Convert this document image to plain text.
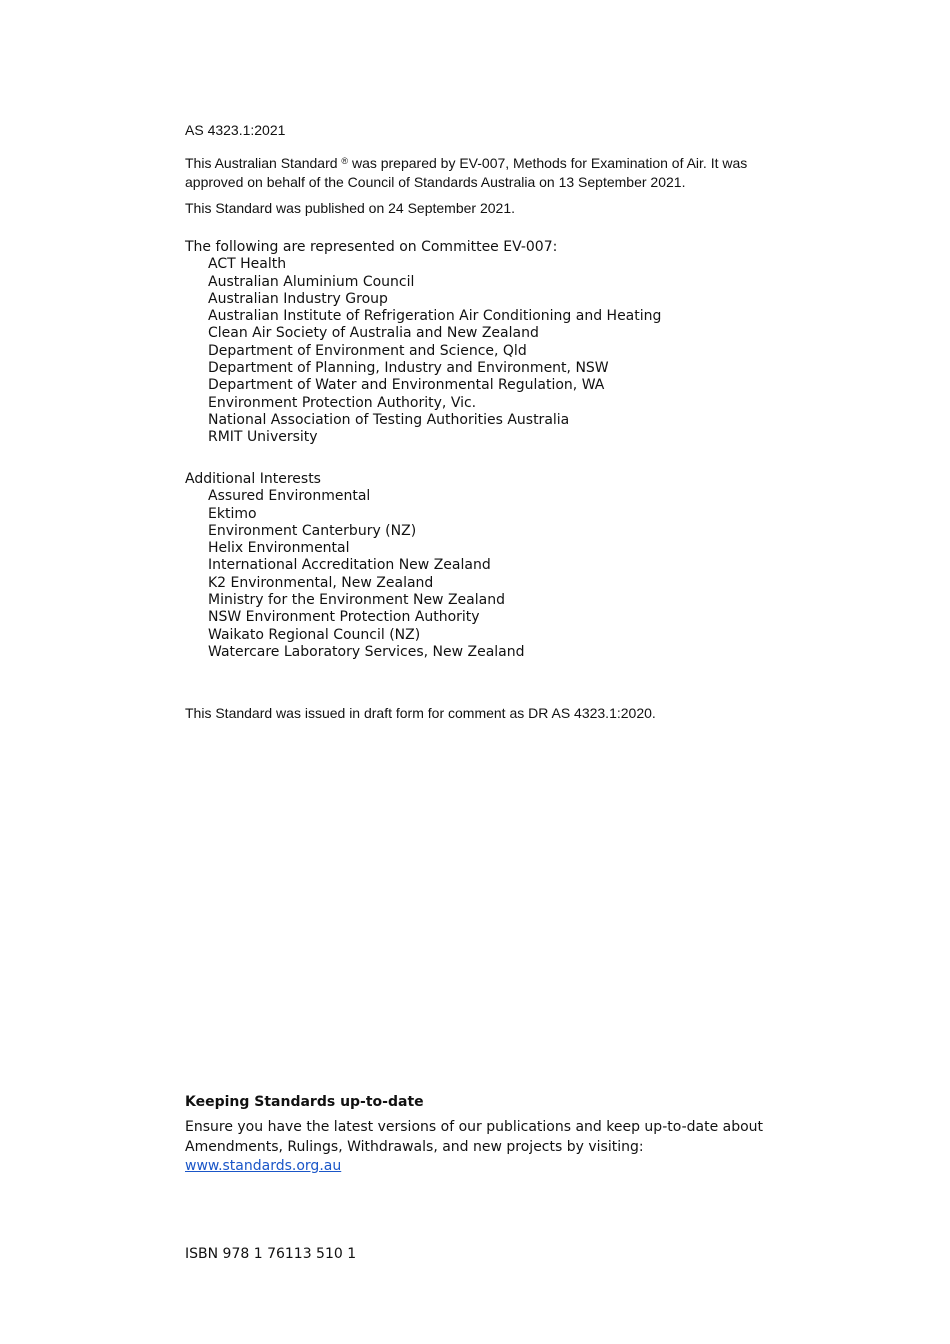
AS 4323.1:2021
This Australian Standard ® was prepared by EV-007, Methods for Examination of Air. It was approved on behalf of the Council of Standards Australia on 13 September 2021.
This Standard was published on 24 September 2021.

The following are represented on Committee EV-007:

ACT Health
Australian Aluminium Council
Australian Industry Group
Australian Institute of Refrigeration Air Conditioning and Heating
Clean Air Society of Australia and New Zealand
Department of Environment and Science, Qld
Department of Planning, Industry and Environment, NSW
Department of Water and Environmental Regulation, WA
Environment Protection Authority, Vic.
National Association of Testing Authorities Australia
RMIT University

Additional Interests

Assured Environmental
Ektimo
Environment Canterbury (NZ)
Helix Environmental
International Accreditation New Zealand
K2 Environmental, New Zealand
Ministry for the Environment New Zealand
NSW Environment Protection Authority
Waikato Regional Council (NZ)
Watercare Laboratory Services, New Zealand
This Standard was issued in draft form for comment as DR AS 4323.1:2020.
Keeping Standards up-to-date
Ensure you have the latest versions of our publications and keep up-to-date about Amendments, Rulings, Withdrawals, and new projects by visiting:
www.standards.org.au
ISBN 978 1 76113 510 1
